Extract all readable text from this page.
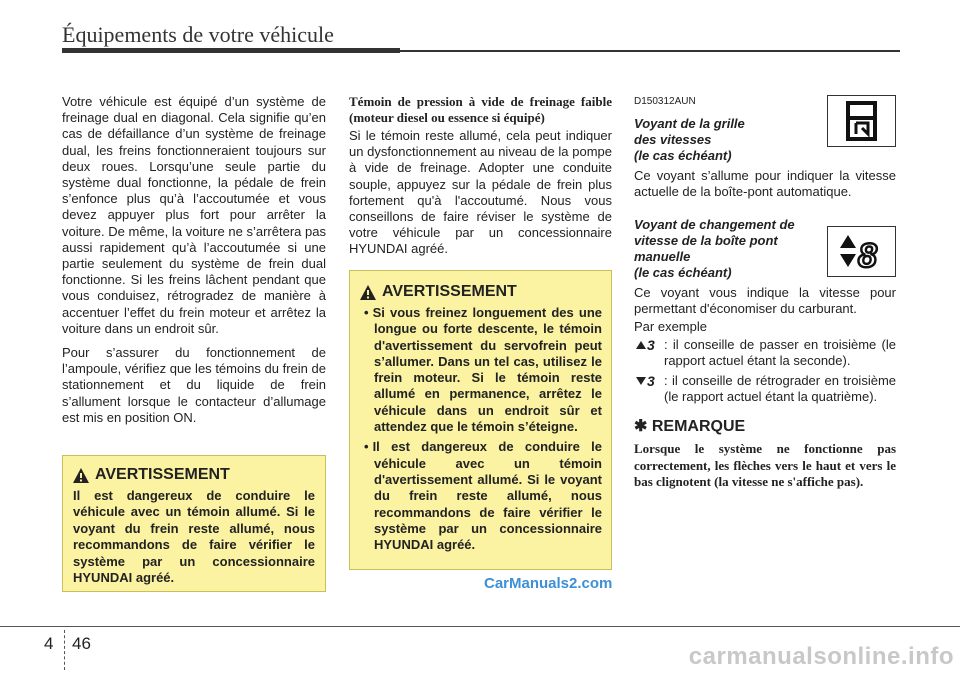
Équipements de votre véhicule

Votre véhicule est équipé d’un système de freinage dual en diagonal. Cela signifie qu’en cas de défaillance d’un système de freinage dual, les freins fonctionneraient toujours sur deux roues. Lorsqu’une seule partie du système dual fonctionne, la pédale de frein s’enfonce plus qu’à l’accoutumée et vous devez appuyer plus fort pour arrêter la voiture. De même, la voiture ne s’arrêtera pas aussi rapidement qu’à l’accoutumée si une partie seulement du système de frein dual fonctionne. Si les freins lâchent pendant que vous conduisez, rétrogradez de manière à accentuer l’effet du frein moteur et arrêtez la voiture dans un endroit sûr.

Pour s’assurer du fonctionnement de l’ampoule, vérifiez que les témoins du frein de stationnement et du liquide de frein s’allument lorsque le contacteur d’allumage est mis en position ON.

AVERTISSEMENT
Il est dangereux de conduire le véhicule avec un témoin allumé. Si le voyant du frein reste allumé, nous recommandons de faire vérifier le système par un concessionnaire HYUNDAI agréé.
Témoin de pression à vide de freinage faible (moteur diesel ou essence si équipé)

Si le témoin reste allumé, cela peut indiquer un dysfonctionnement au niveau de la pompe à vide de freinage. Adopter une conduite souple, appuyez sur la pédale de frein plus fortement qu'à l'accoutumé. Nous vous conseillons de faire réviser le système de votre véhicule par un concessionnaire HYUNDAI agréé.

AVERTISSEMENT
• Si vous freinez longuement des une longue ou forte descente, le témoin d'avertissement du servofrein peut s’allumer. Dans un tel cas, utilisez le frein moteur. Si le témoin reste allumé en permanence, arrêtez le véhicule dans un endroit sûr et attendez que le témoin s’éteigne.
• Il est dangereux de conduire le véhicule avec un témoin d'avertissement allumé. Si le voyant du frein reste allumé, nous recommandons de faire vérifier le système par un concessionnaire HYUNDAI agréé.
D150312AUN
Voyant de la grille
des vitesses
(le cas échéant)

Ce voyant s’allume pour indiquer la vitesse actuelle de la boîte-pont automatique.

Voyant de changement de
vitesse de la boîte pont
manuelle
(le cas échéant)

Ce voyant vous indique la vitesse pour permettant d'économiser du carburant.

Par exemple
3 : il conseille de passer en troisième (le rapport actuel étant la seconde).
3 : il conseille de rétrograder en troisième (le rapport actuel étant la quatrième).
✱ REMARQUE
Lorsque le système ne fonctionne pas correctement, les flèches vers le haut et vers le bas clignotent (la vitesse ne s'affiche pas).
8
CarManuals2.com
4 46	carmanualsonline.info
